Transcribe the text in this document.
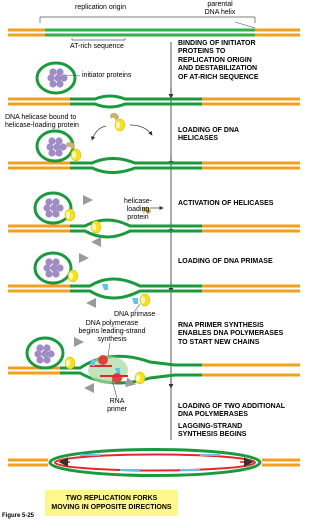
replication origin	parental
DNA helix
AT-rich sequence
initiator proteins
DNA helicase bound to
helicase-loading protein
helicase-
loading
protein
DNA primase
DNA polymerase
begins leading-strand
synthesis
RNA
primer
BINDING OF INITIATOR
PROTEINS TO
REPLICATION ORIGIN
AND DESTABILIZATION
OF AT-RICH SEQUENCE
LOADING OF DNA
HELICASES
ACTIVATION OF HELICASES
LOADING OF DNA PRIMASE
RNA PRIMER SYNTHESIS
ENABLES DNA POLYMERASES
TO START NEW CHAINS
LOADING OF TWO ADDITIONAL
DNA POLYMERASES
LAGGING-STRAND
SYNTHESIS BEGINS
TWO REPLICATION FORKS
MOVING IN OPPOSITE DIRECTIONS
Figure 5-25
